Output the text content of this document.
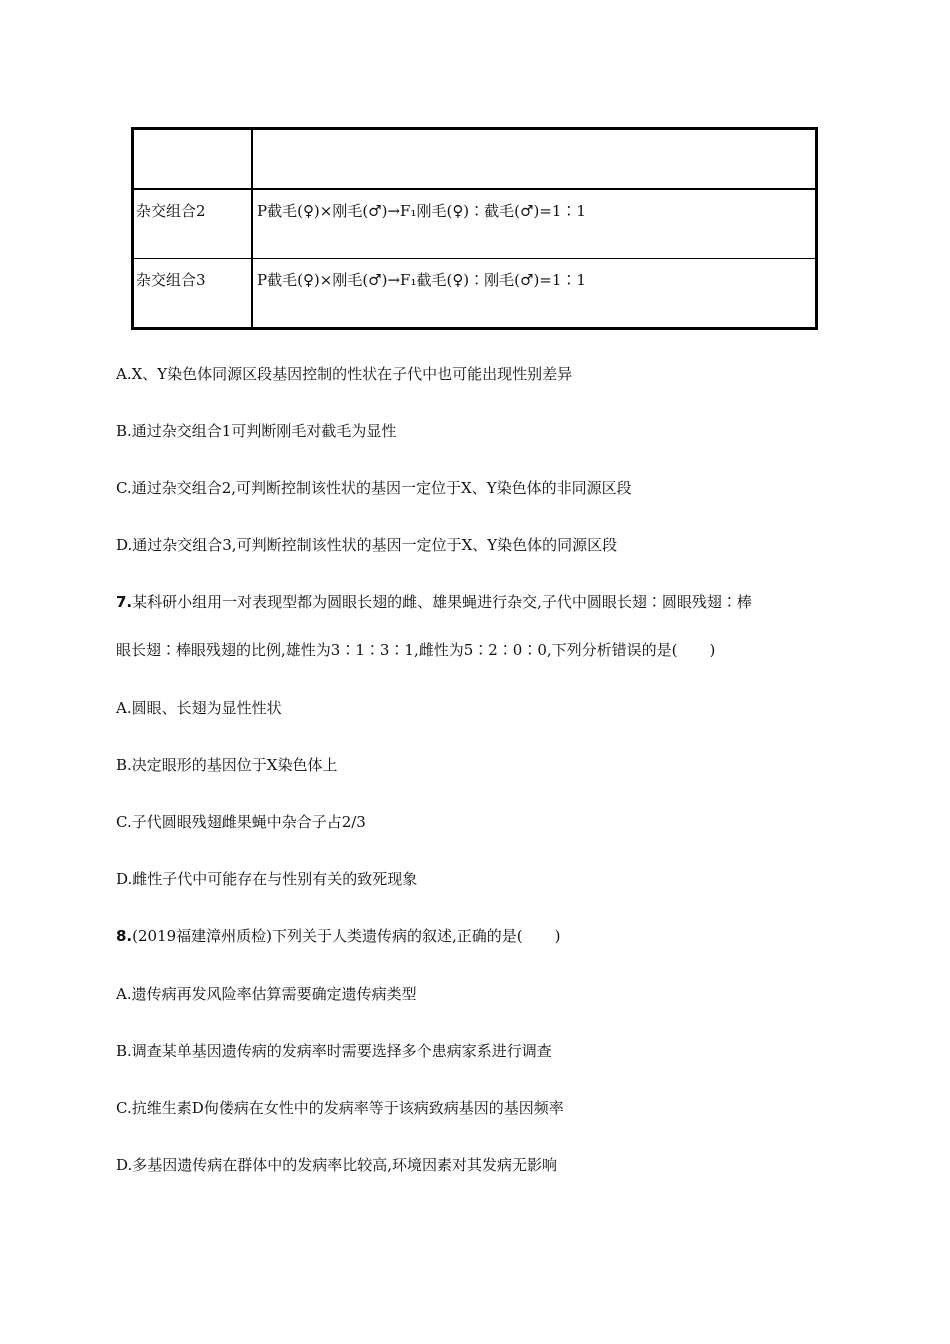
杂交组合2	P截毛(♀)×刚毛(♂)→F₁刚毛(♀)∶截毛(♂)=1∶1
杂交组合3	P截毛(♀)×刚毛(♂)→F₁截毛(♀)∶刚毛(♂)=1∶1
A.X、Y染色体同源区段基因控制的性状在子代中也可能出现性别差异
B.通过杂交组合1可判断刚毛对截毛为显性
C.通过杂交组合2,可判断控制该性状的基因一定位于X、Y染色体的非同源区段
D.通过杂交组合3,可判断控制该性状的基因一定位于X、Y染色体的同源区段
7.某科研小组用一对表现型都为圆眼长翅的雌、雄果蝇进行杂交,子代中圆眼长翅∶圆眼残翅∶棒
眼长翅∶棒眼残翅的比例,雄性为3∶1∶3∶1,雌性为5∶2∶0∶0,下列分析错误的是( )
A.圆眼、长翅为显性性状
B.决定眼形的基因位于X染色体上
C.子代圆眼残翅雌果蝇中杂合子占2/3
D.雌性子代中可能存在与性别有关的致死现象
8.(2019福建漳州质检)下列关于人类遗传病的叙述,正确的是( )
A.遗传病再发风险率估算需要确定遗传病类型
B.调查某单基因遗传病的发病率时需要选择多个患病家系进行调查
C.抗维生素D佝偻病在女性中的发病率等于该病致病基因的基因频率
D.多基因遗传病在群体中的发病率比较高,环境因素对其发病无影响
